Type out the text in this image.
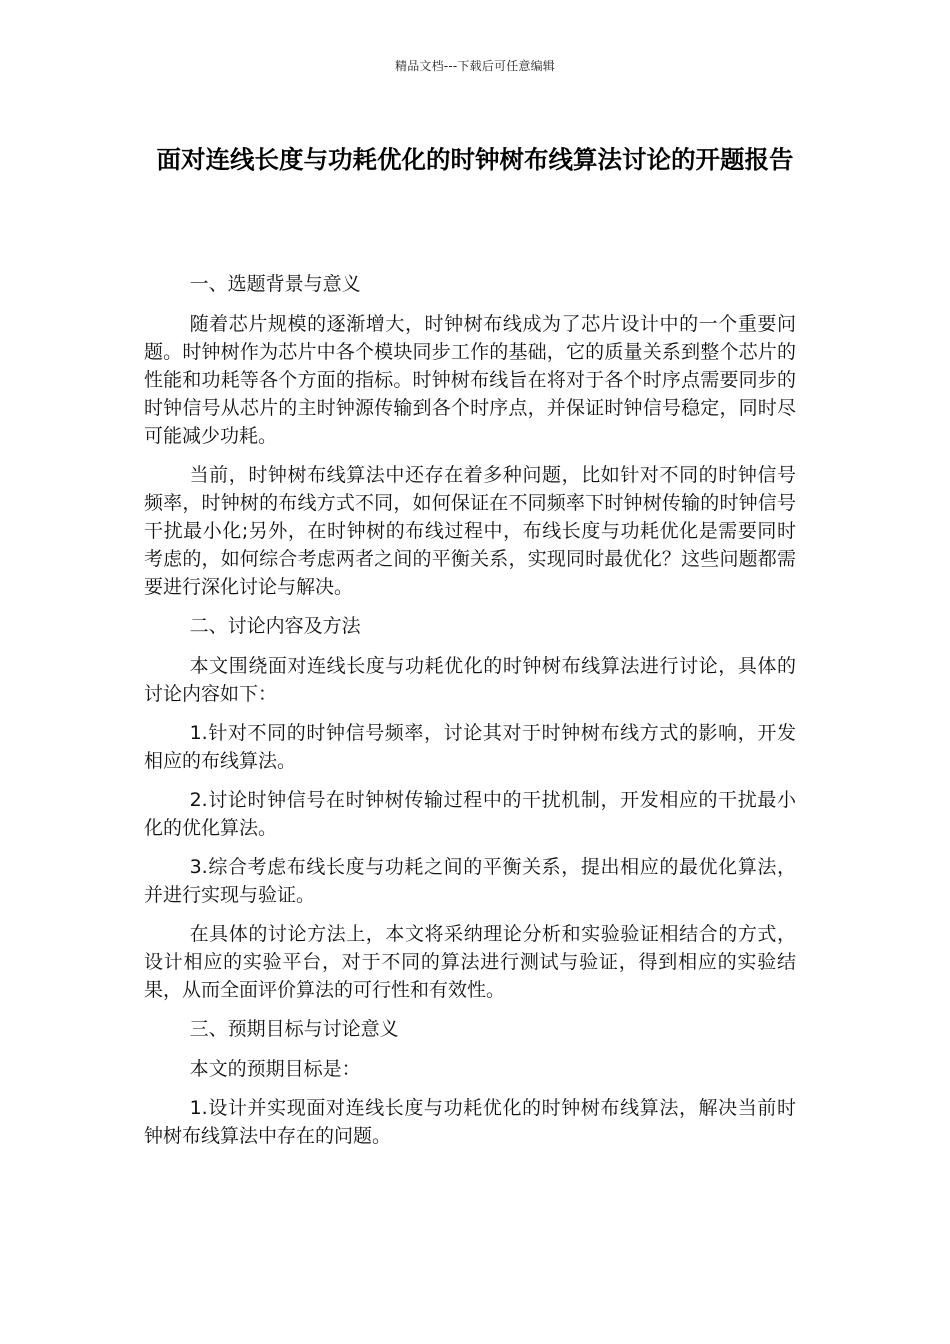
精品文档---下载后可任意编辑
面对连线长度与功耗优化的时钟树布线算法讨论的开题报告

一、选题背景与意义

随着芯片规模的逐渐增大，时钟树布线成为了芯片设计中的一个重要问题。时钟树作为芯片中各个模块同步工作的基础，它的质量关系到整个芯片的性能和功耗等各个方面的指标。时钟树布线旨在将对于各个时序点需要同步的时钟信号从芯片的主时钟源传输到各个时序点，并保证时钟信号稳定，同时尽可能减少功耗。

当前，时钟树布线算法中还存在着多种问题，比如针对不同的时钟信号频率，时钟树的布线方式不同，如何保证在不同频率下时钟树传输的时钟信号干扰最小化;另外，在时钟树的布线过程中，布线长度与功耗优化是需要同时考虑的，如何综合考虑两者之间的平衡关系，实现同时最优化？这些问题都需要进行深化讨论与解决。

二、讨论内容及方法

本文围绕面对连线长度与功耗优化的时钟树布线算法进行讨论，具体的讨论内容如下：

1.针对不同的时钟信号频率，讨论其对于时钟树布线方式的影响，开发相应的布线算法。

2.讨论时钟信号在时钟树传输过程中的干扰机制，开发相应的干扰最小化的优化算法。

3.综合考虑布线长度与功耗之间的平衡关系，提出相应的最优化算法，并进行实现与验证。

在具体的讨论方法上，本文将采纳理论分析和实验验证相结合的方式，设计相应的实验平台，对于不同的算法进行测试与验证，得到相应的实验结果，从而全面评价算法的可行性和有效性。

三、预期目标与讨论意义

本文的预期目标是：

1.设计并实现面对连线长度与功耗优化的时钟树布线算法，解决当前时钟树布线算法中存在的问题。
